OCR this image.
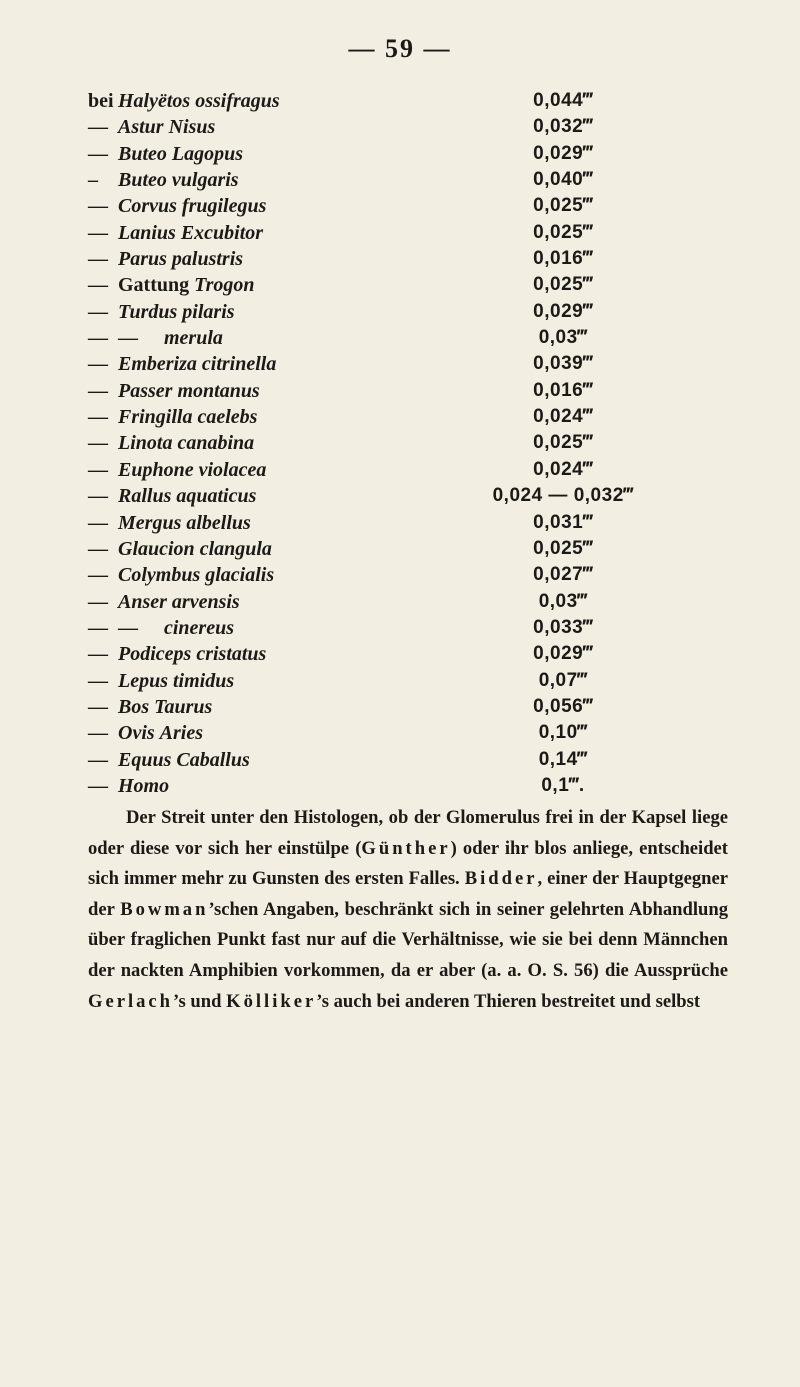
— 59 —
bei Halyëtos ossifragus	0,044‴
— Astur Nisus	0,032‴
— Buteo Lagopus	0,029‴
–	Buteo vulgaris	0,040‴
— Corvus frugilegus	0,025‴
— Lanius Excubitor	0,025‴
— Parus palustris	0,016‴
— Gattung Trogon	0,025‴
— Turdus pilaris	0,029‴
— — merula	0,03‴
— Emberiza citrinella	0,039‴
— Passer montanus	0,016‴
— Fringilla caelebs	0,024‴
— Linota canabina	0,025‴
— Euphone violacea	0,024‴
— Rallus aquaticus	0,024 — 0,032‴
— Mergus albellus	0,031‴
— Glaucion clangula	0,025‴
— Colymbus glacialis	0,027‴
— Anser arvensis	0,03‴
— — cinereus	0,033‴
— Podiceps cristatus	0,029‴
— Lepus timidus	0,07‴
— Bos Taurus	0,056‴
— Ovis Aries	0,10‴
— Equus Caballus	0,14‴
— Homo	0,1‴.
Der Streit unter den Histologen, ob der Glomerulus frei in der Kapsel liege oder diese vor sich her einstülpe (Günther) oder ihr blos anliege, entscheidet sich immer mehr zu Gunsten des ersten Falles. Bidder, einer der Hauptgegner der Bowman’schen Angaben, beschränkt sich in seiner gelehrten Abhandlung über fraglichen Punkt fast nur auf die Verhältnisse, wie sie bei denn Männchen der nackten Amphibien vorkommen, da er aber (a. a. O. S. 56) die Aussprüche Gerlach’s und Kölliker’s auch bei anderen Thieren bestreitet und selbst
